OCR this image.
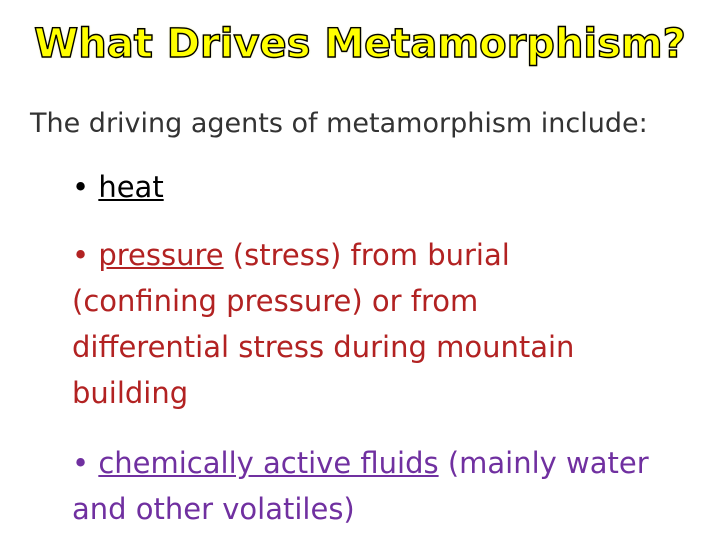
What Drives Metamorphism?
The driving agents of metamorphism include:
• heat
• pressure (stress) from burial
(confining pressure) or from
differential stress during mountain
building
• chemically active fluids (mainly water
and other volatiles)
